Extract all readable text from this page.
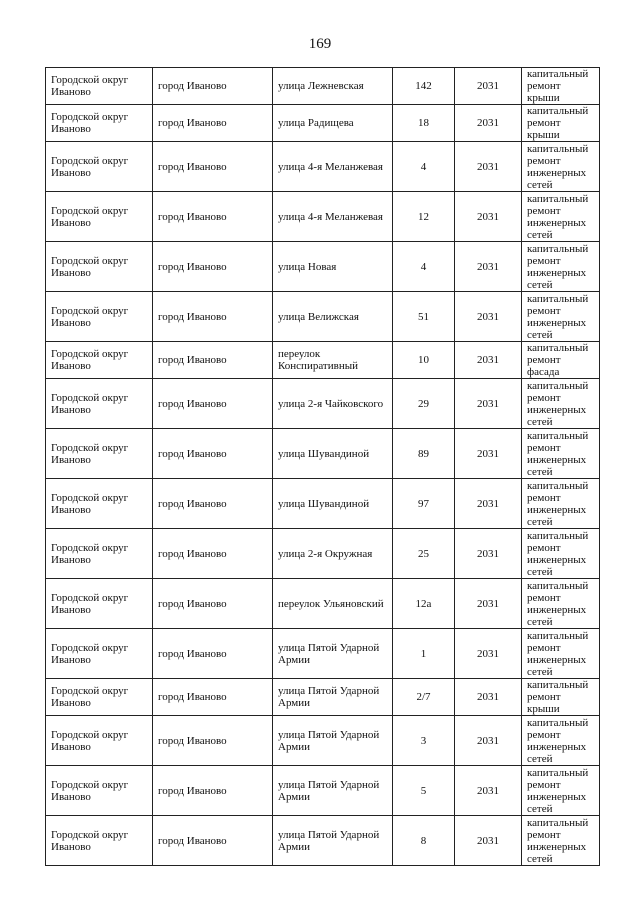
169
Городской округ Иваново	город Иваново	улица Лежневская	142	2031	капитальный ремонт крыши
Городской округ Иваново	город Иваново	улица Радищева	18	2031	капитальный ремонт крыши
Городской округ Иваново	город Иваново	улица 4-я Меланжевая	4	2031	капитальный ремонт инженерных сетей
Городской округ Иваново	город Иваново	улица 4-я Меланжевая	12	2031	капитальный ремонт инженерных сетей
Городской округ Иваново	город Иваново	улица Новая	4	2031	капитальный ремонт инженерных сетей
Городской округ Иваново	город Иваново	улица Велижская	51	2031	капитальный ремонт инженерных сетей
Городской округ Иваново	город Иваново	переулок Конспиративный	10	2031	капитальный ремонт фасада
Городской округ Иваново	город Иваново	улица 2-я Чайковского	29	2031	капитальный ремонт инженерных сетей
Городской округ Иваново	город Иваново	улица Шувандиной	89	2031	капитальный ремонт инженерных сетей
Городской округ Иваново	город Иваново	улица Шувандиной	97	2031	капитальный ремонт инженерных сетей
Городской округ Иваново	город Иваново	улица 2-я Окружная	25	2031	капитальный ремонт инженерных сетей
Городской округ Иваново	город Иваново	переулок Ульяновский	12а	2031	капитальный ремонт инженерных сетей
Городской округ Иваново	город Иваново	улица Пятой Ударной Армии	1	2031	капитальный ремонт инженерных сетей
Городской округ Иваново	город Иваново	улица Пятой Ударной Армии	2/7	2031	капитальный ремонт крыши
Городской округ Иваново	город Иваново	улица Пятой Ударной Армии	3	2031	капитальный ремонт инженерных сетей
Городской округ Иваново	город Иваново	улица Пятой Ударной Армии	5	2031	капитальный ремонт инженерных сетей
Городской округ Иваново	город Иваново	улица Пятой Ударной Армии	8	2031	капитальный ремонт инженерных сетей
